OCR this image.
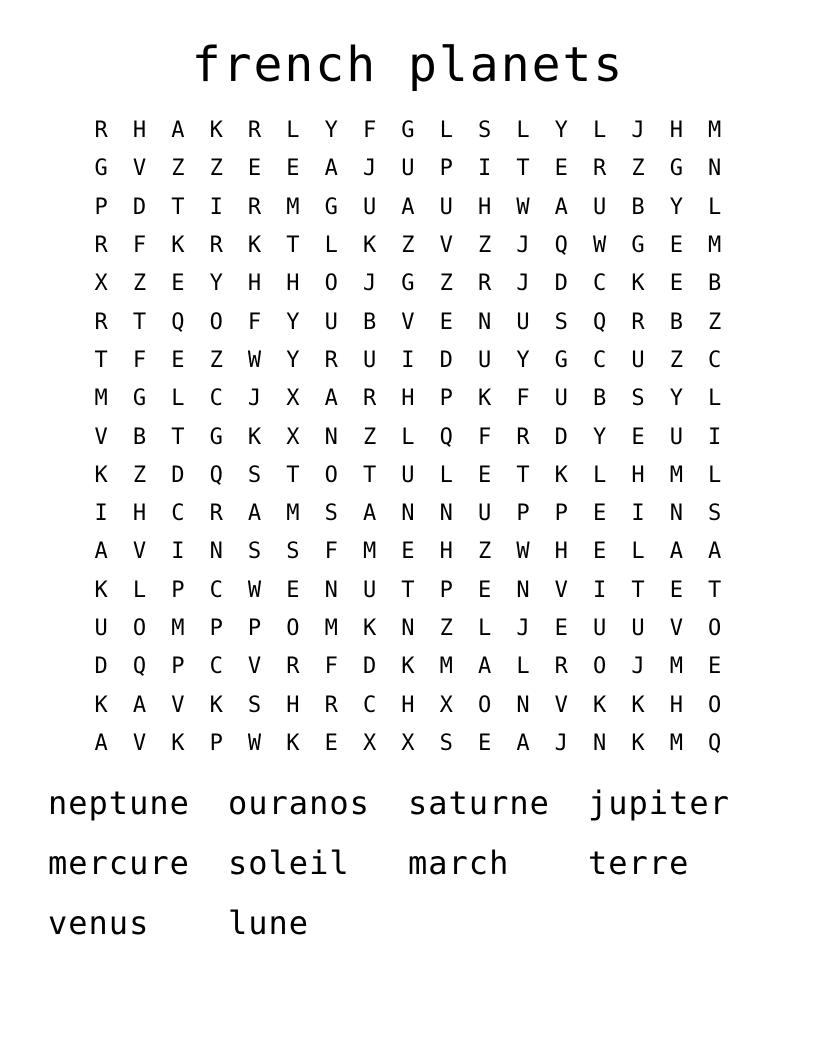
french planets
R	H	A	K	R	L	Y	F	G	L	S	L	Y	L	J	H	M
G	V	Z	Z	E	E	A	J	U	P	I	T	E	R	Z	G	N
P	D	T	I	R	M	G	U	A	U	H	W	A	U	B	Y	L
R	F	K	R	K	T	L	K	Z	V	Z	J	Q	W	G	E	M
X	Z	E	Y	H	H	O	J	G	Z	R	J	D	C	K	E	B
R	T	Q	O	F	Y	U	B	V	E	N	U	S	Q	R	B	Z
T	F	E	Z	W	Y	R	U	I	D	U	Y	G	C	U	Z	C
M	G	L	C	J	X	A	R	H	P	K	F	U	B	S	Y	L
V	B	T	G	K	X	N	Z	L	Q	F	R	D	Y	E	U	I
K	Z	D	Q	S	T	O	T	U	L	E	T	K	L	H	M	L
I	H	C	R	A	M	S	A	N	N	U	P	P	E	I	N	S
A	V	I	N	S	S	F	M	E	H	Z	W	H	E	L	A	A
K	L	P	C	W	E	N	U	T	P	E	N	V	I	T	E	T
U	O	M	P	P	O	M	K	N	Z	L	J	E	U	U	V	O
D	Q	P	C	V	R	F	D	K	M	A	L	R	O	J	M	E
K	A	V	K	S	H	R	C	H	X	O	N	V	K	K	H	O
A	V	K	P	W	K	E	X	X	S	E	A	J	N	K	M	Q
neptune	ouranos	saturne	jupiter
mercure	soleil	march	terre
venus	lune
